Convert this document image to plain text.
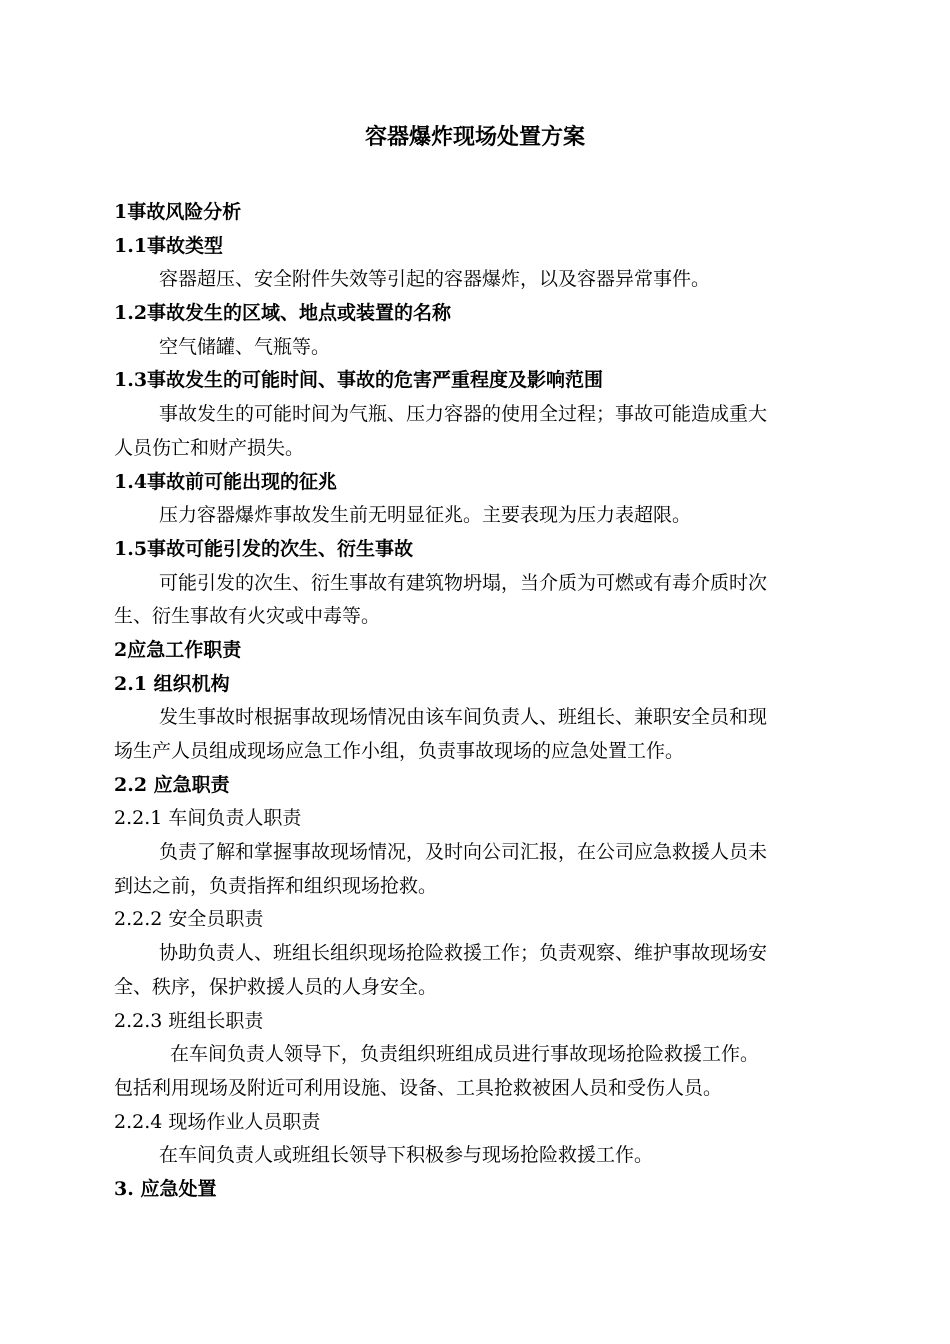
容器爆炸现场处置方案
1事故风险分析
1.1事故类型
容器超压、安全附件失效等引起的容器爆炸，以及容器异常事件。
1.2事故发生的区域、地点或装置的名称
空气储罐、气瓶等。
1.3事故发生的可能时间、事故的危害严重程度及影响范围
事故发生的可能时间为气瓶、压力容器的使用全过程；事故可能造成重大
人员伤亡和财产损失。
1.4事故前可能出现的征兆
压力容器爆炸事故发生前无明显征兆。主要表现为压力表超限。
1.5事故可能引发的次生、衍生事故
可能引发的次生、衍生事故有建筑物坍塌，当介质为可燃或有毒介质时次
生、衍生事故有火灾或中毒等。
2应急工作职责
2.1 组织机构
发生事故时根据事故现场情况由该车间负责人、班组长、兼职安全员和现
场生产人员组成现场应急工作小组，负责事故现场的应急处置工作。
2.2 应急职责
2.2.1 车间负责人职责
负责了解和掌握事故现场情况，及时向公司汇报，在公司应急救援人员未
到达之前，负责指挥和组织现场抢救。
2.2.2 安全员职责
协助负责人、班组长组织现场抢险救援工作；负责观察、维护事故现场安
全、秩序，保护救援人员的人身安全。
2.2.3 班组长职责
在车间负责人领导下，负责组织班组成员进行事故现场抢险救援工作。
包括利用现场及附近可利用设施、设备、工具抢救被困人员和受伤人员。
2.2.4 现场作业人员职责
在车间负责人或班组长领导下积极参与现场抢险救援工作。
3. 应急处置
